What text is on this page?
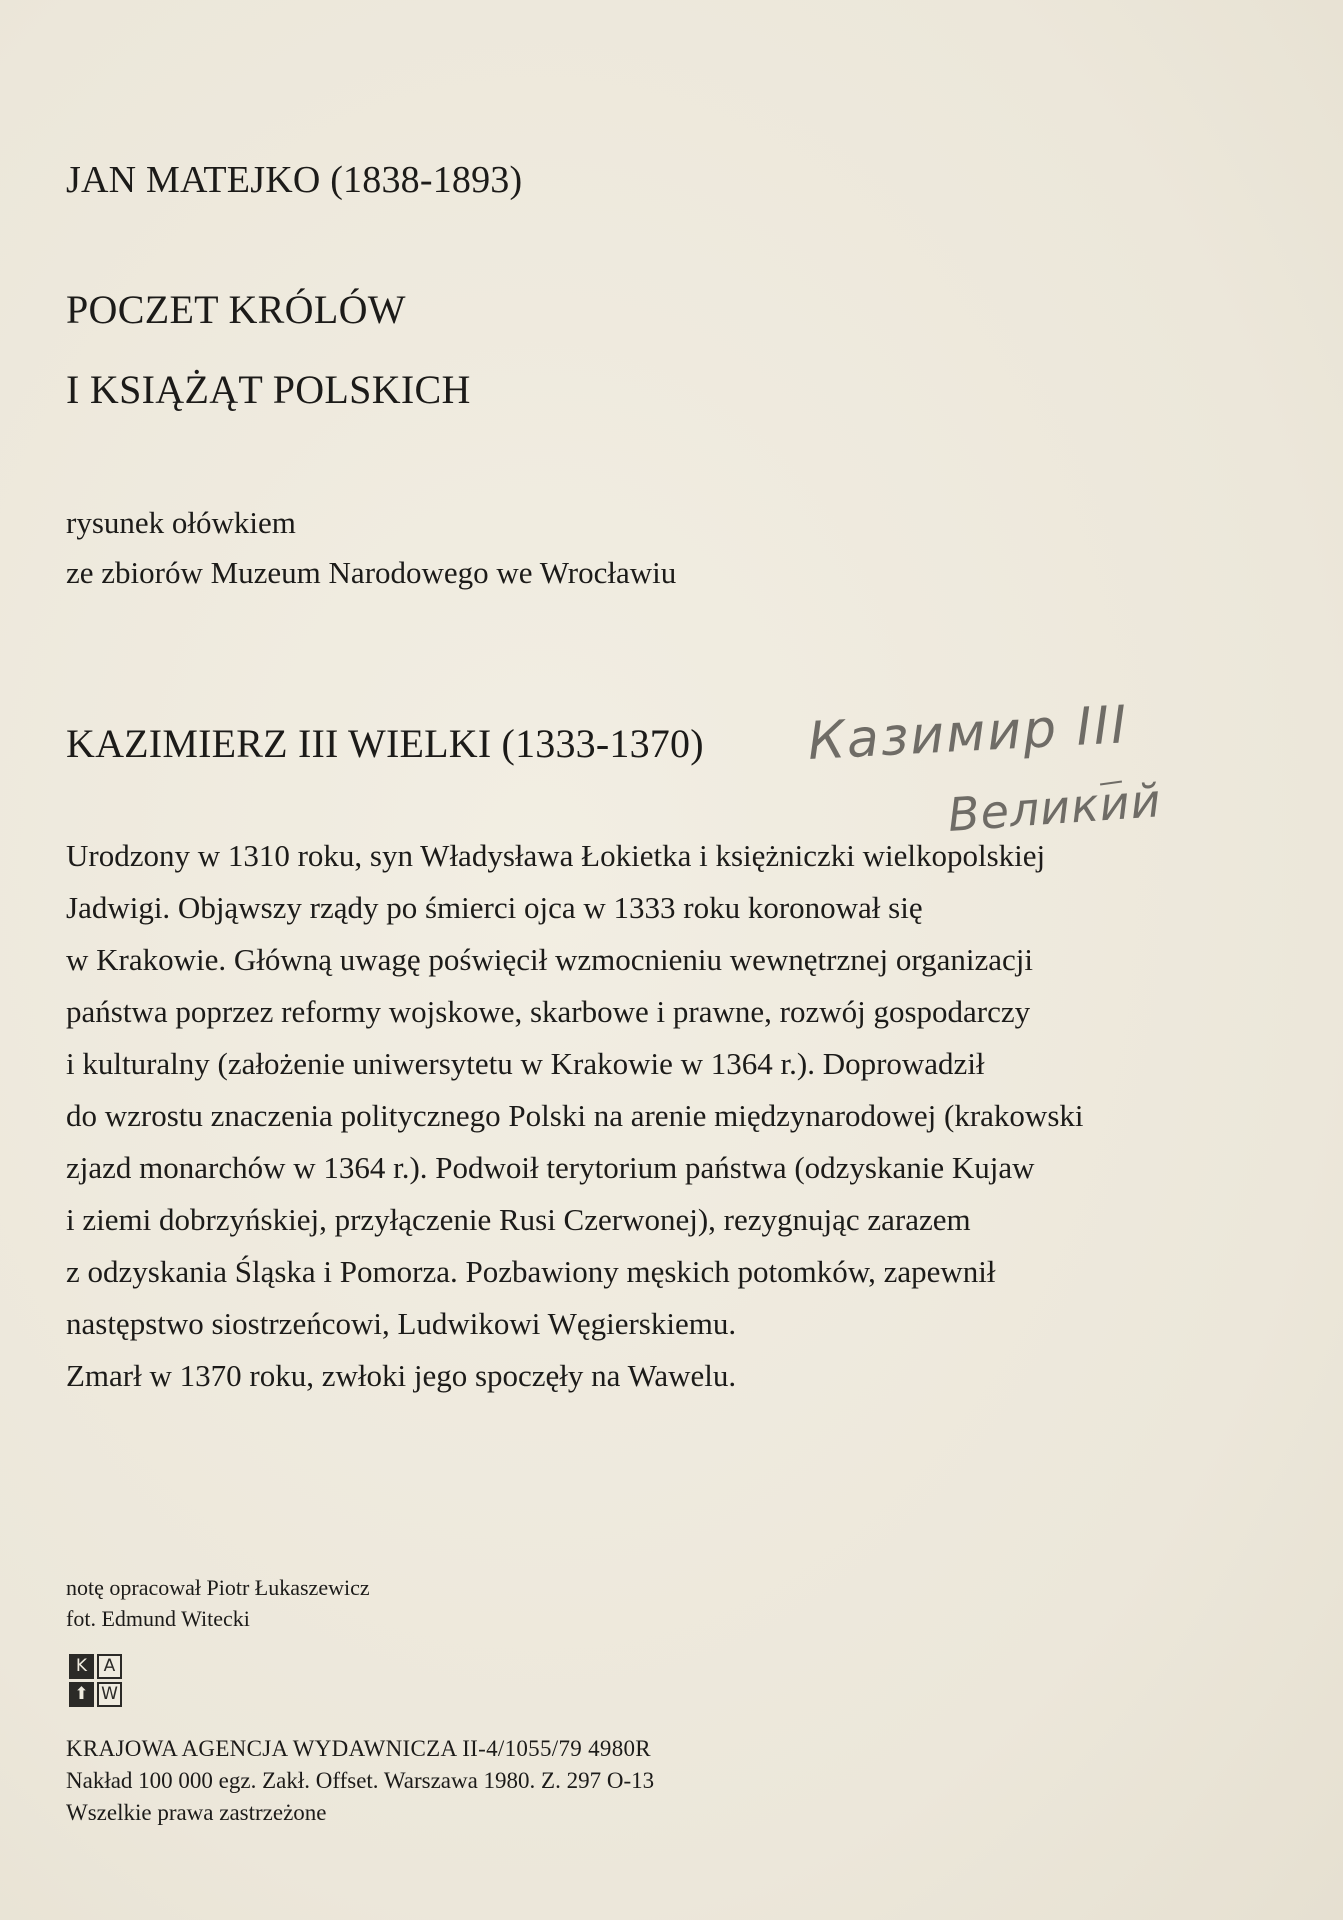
JAN MATEJKO (1838-1893)
POCZET KRÓLÓW
I KSIĄŻĄT POLSKICH
rysunek ołówkiem
ze zbiorów Muzeum Narodowego we Wrocławiu
KAZIMIERZ III WIELKI (1333-1370) Казимир III
Великий
Urodzony w 1310 roku, syn Władysława Łokietka i księżniczki wielkopolskiej
Jadwigi. Objąwszy rządy po śmierci ojca w 1333 roku koronował się
w Krakowie. Główną uwagę poświęcił wzmocnieniu wewnętrznej organizacji
państwa poprzez reformy wojskowe, skarbowe i prawne, rozwój gospodarczy
i kulturalny (założenie uniwersytetu w Krakowie w 1364 r.). Doprowadził
do wzrostu znaczenia politycznego Polski na arenie międzynarodowej (krakowski
zjazd monarchów w 1364 r.). Podwoił terytorium państwa (odzyskanie Kujaw
i ziemi dobrzyńskiej, przyłączenie Rusi Czerwonej), rezygnując zarazem
z odzyskania Śląska i Pomorza. Pozbawiony męskich potomków, zapewnił
następstwo siostrzeńcowi, Ludwikowi Węgierskiemu.
Zmarł w 1370 roku, zwłoki jego spoczęły na Wawelu.
notę opracował Piotr Łukaszewicz
fot. Edmund Witecki
K A
⬆ W
KRAJOWA AGENCJA WYDAWNICZA II-4/1055/79 4980R
Nakład 100 000 egz. Zakł. Offset. Warszawa 1980. Z. 297 O-13
Wszelkie prawa zastrzeżone
